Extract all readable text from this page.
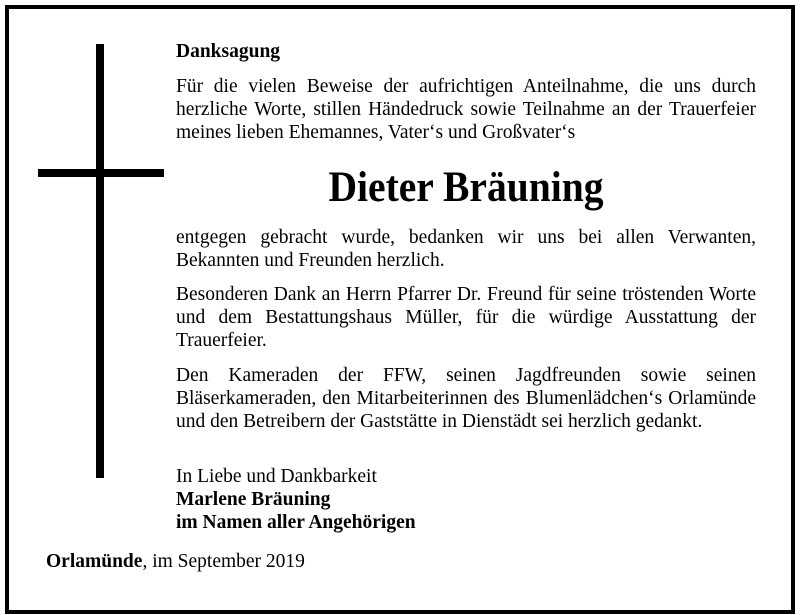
Danksagung
Für die vielen Beweise der aufrichtigen Anteilnahme, die uns durch herzliche Worte, stillen Händedruck sowie Teilnahme an der Trauerfeier meines lieben Ehemannes, Vater‘s und Großvater‘s
Dieter Bräuning
entgegen gebracht wurde, bedanken wir uns bei allen Verwanten, Bekannten und Freunden herzlich.
Besonderen Dank an Herrn Pfarrer Dr. Freund für seine tröstenden Worte und dem Bestattungshaus Müller, für die würdige Ausstattung der Trauerfeier.
Den Kameraden der FFW, seinen Jagdfreunden sowie seinen Bläserkameraden, den Mitarbeiterinnen des Blumenlädchen‘s Orlamünde und den Betreibern der Gaststätte in Dienstädt sei herzlich gedankt.
In Liebe und Dankbarkeit
Marlene Bräuning
im Namen aller Angehörigen
Orlamünde, im September 2019
